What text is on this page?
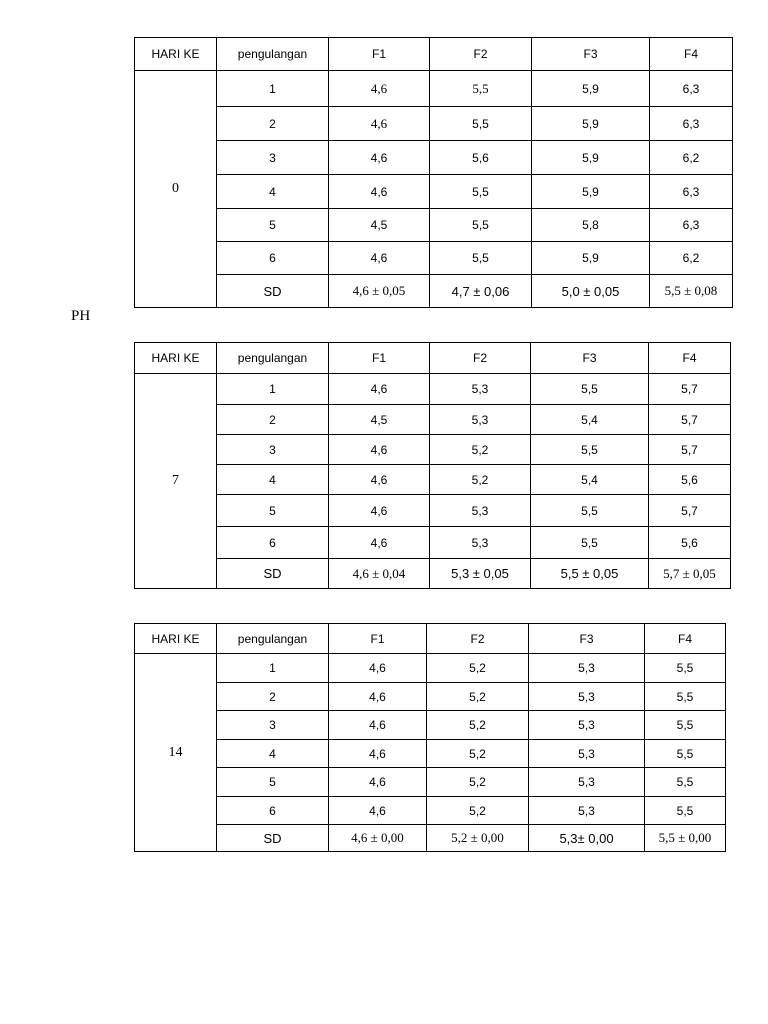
HARI KE	pengulangan	F1	F2	F3	F4
0	1	4,6	5,5	5,9	6,3
	2	4,6	5,5	5,9	6,3
	3	4,6	5,6	5,9	6,2
	4	4,6	5,5	5,9	6,3
	5	4,5	5,5	5,8	6,3
	6	4,6	5,5	5,9	6,2
	SD	4,6 ± 0,05	4,7 ± 0,06	5,0 ± 0,05	5,5 ± 0,08
PH
HARI KE	pengulangan	F1	F2	F3	F4
7	1	4,6	5,3	5,5	5,7
	2	4,5	5,3	5,4	5,7
	3	4,6	5,2	5,5	5,7
	4	4,6	5,2	5,4	5,6
	5	4,6	5,3	5,5	5,7
	6	4,6	5,3	5,5	5,6
	SD	4,6 ± 0,04	5,3 ± 0,05	5,5 ± 0,05	5,7 ± 0,05
HARI KE	pengulangan	F1	F2	F3	F4
14	1	4,6	5,2	5,3	5,5
	2	4,6	5,2	5,3	5,5
	3	4,6	5,2	5,3	5,5
	4	4,6	5,2	5,3	5,5
	5	4,6	5,2	5,3	5,5
	6	4,6	5,2	5,3	5,5
	SD	4,6 ± 0,00	5,2 ± 0,00	5,3± 0,00	5,5 ± 0,00
